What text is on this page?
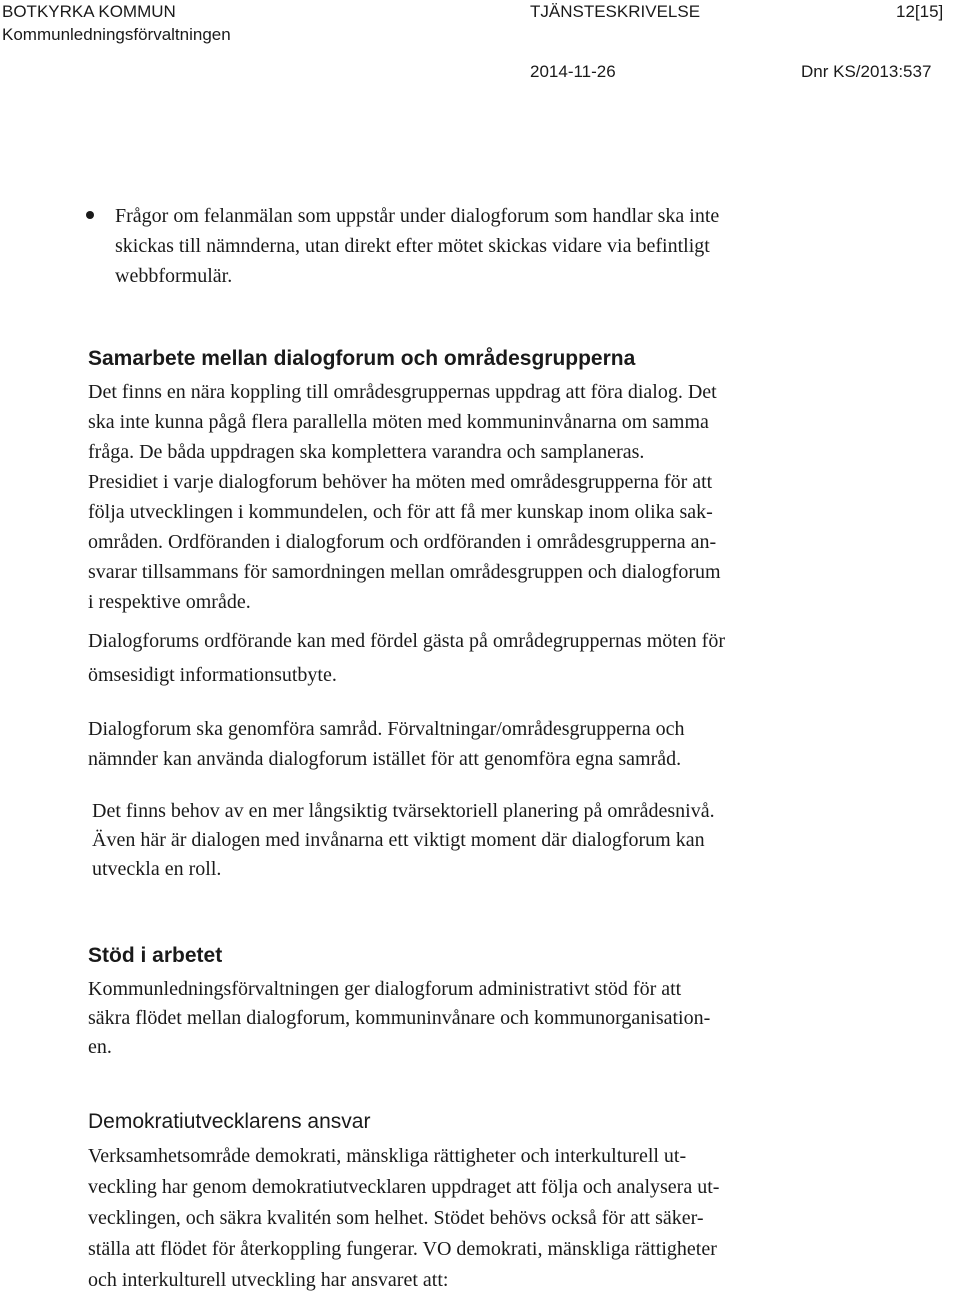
BOTKYRKA KOMMUN
Kommunledningsförvaltningen
TJÄNSTESKRIVELSE	12[15]
2014-11-26	Dnr KS/2013:537
Frågor om felanmälan som uppstår under dialogforum som handlar ska inte
skickas till nämnderna, utan direkt efter mötet skickas vidare via befintligt
webbformulär.
Samarbete mellan dialogforum och områdesgrupperna
Det finns en nära koppling till områdesgruppernas uppdrag att föra dialog. Det
ska inte kunna pågå flera parallella möten med kommuninvånarna om samma
fråga. De båda uppdragen ska komplettera varandra och samplaneras.
Presidiet i varje dialogforum behöver ha möten med områdesgrupperna för att
följa utvecklingen i kommundelen, och för att få mer kunskap inom olika sak-
områden. Ordföranden i dialogforum och ordföranden i områdesgrupperna an-
svarar tillsammans för samordningen mellan områdesgruppen och dialogforum
i respektive område.
Dialogforums ordförande kan med fördel gästa på områdegruppernas möten för
ömsesidigt informationsutbyte.
Dialogforum ska genomföra samråd. Förvaltningar/områdesgrupperna och
nämnder kan använda dialogforum istället för att genomföra egna samråd.
Det finns behov av en mer långsiktig tvärsektoriell planering på områdesnivå.
Även här är dialogen med invånarna ett viktigt moment där dialogforum kan
utveckla en roll.
Stöd i arbetet
Kommunledningsförvaltningen ger dialogforum administrativt stöd för att
säkra flödet mellan dialogforum, kommuninvånare och kommunorganisation-
en.
Demokratiutvecklarens ansvar
Verksamhetsområde demokrati, mänskliga rättigheter och interkulturell ut-
veckling har genom demokratiutvecklaren uppdraget att följa och analysera ut-
vecklingen, och säkra kvalitén som helhet. Stödet behövs också för att säker-
ställa att flödet för återkoppling fungerar. VO demokrati, mänskliga rättigheter
och interkulturell utveckling har ansvaret att:
